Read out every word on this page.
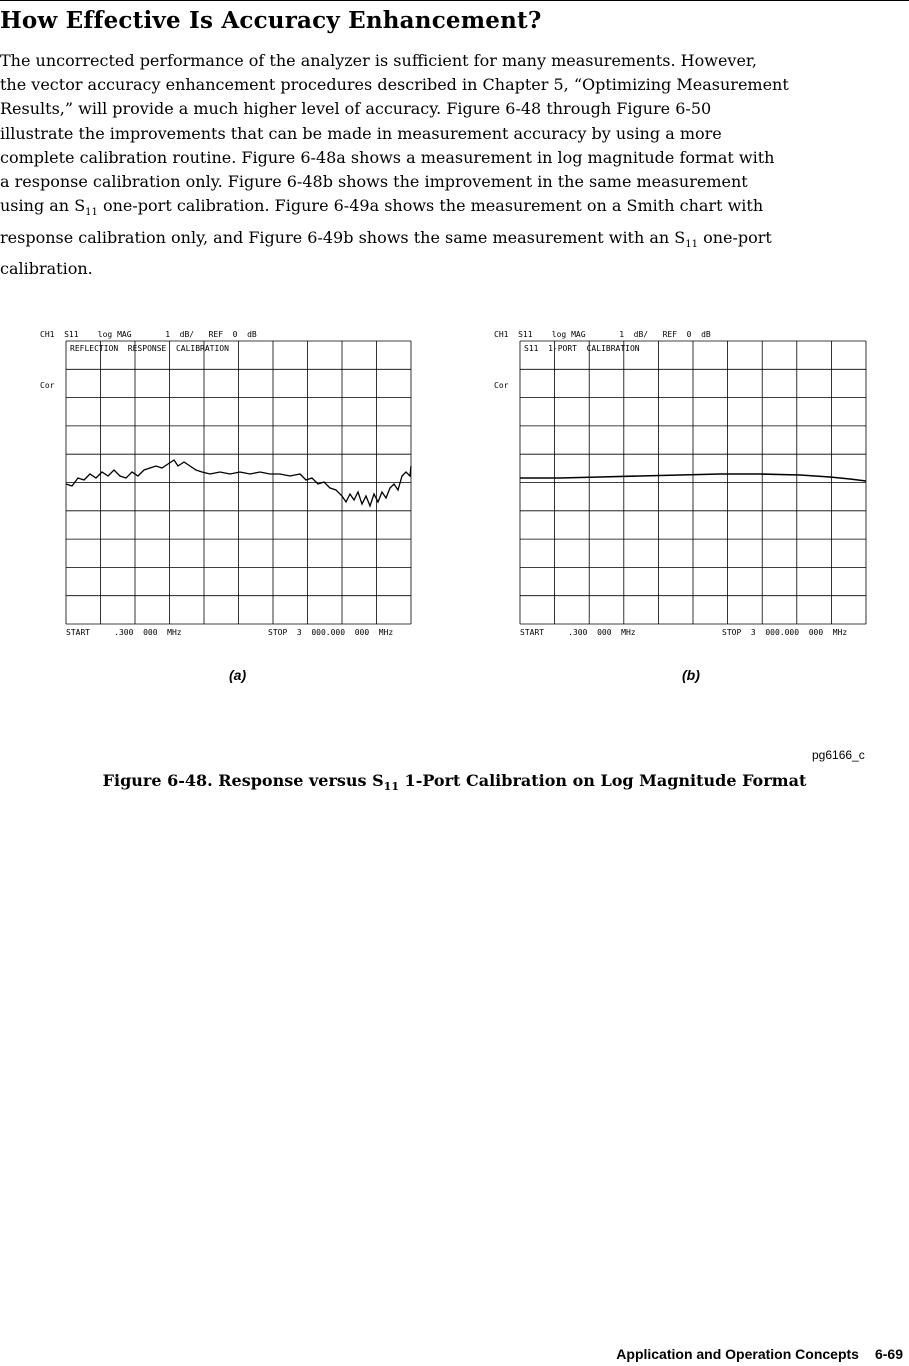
How Effective Is Accuracy Enhancement?

The uncorrected performance of the analyzer is sufficient for many measurements. However,
the vector accuracy enhancement procedures described in Chapter 5, “Optimizing Measurement
Results,” will provide a much higher level of accuracy. Figure 6-48 through Figure 6-50
illustrate the improvements that can be made in measurement accuracy by using a more
complete calibration routine. Figure 6-48a shows a measurement in log magnitude format with
a response calibration only. Figure 6-48b shows the improvement in the same measurement
using an $S_{11}$ one-port calibration. Figure 6-49a shows the measurement on a Smith chart with
response calibration only, and Figure 6-49b shows the same measurement with an $S_{11}$ one-port
calibration.

CH1  S11    log MAG       1  dB/   REF  0  dB
REFLECTION  RESPONSE  CALIBRATION
Cor
START     .300  000  MHz	STOP  3  000.000  000  MHz
CH1  S11    log MAG       1  dB/   REF  0  dB
S11  1-PORT  CALIBRATION
Cor
START     .300  000  MHz	STOP  3  000.000  000  MHz
(a)	(b)
pg6166_c

Figure 6-48. Response versus $S_{11}$ 1-Port Calibration on Log Magnitude Format

Application and Operation Concepts 6-69
